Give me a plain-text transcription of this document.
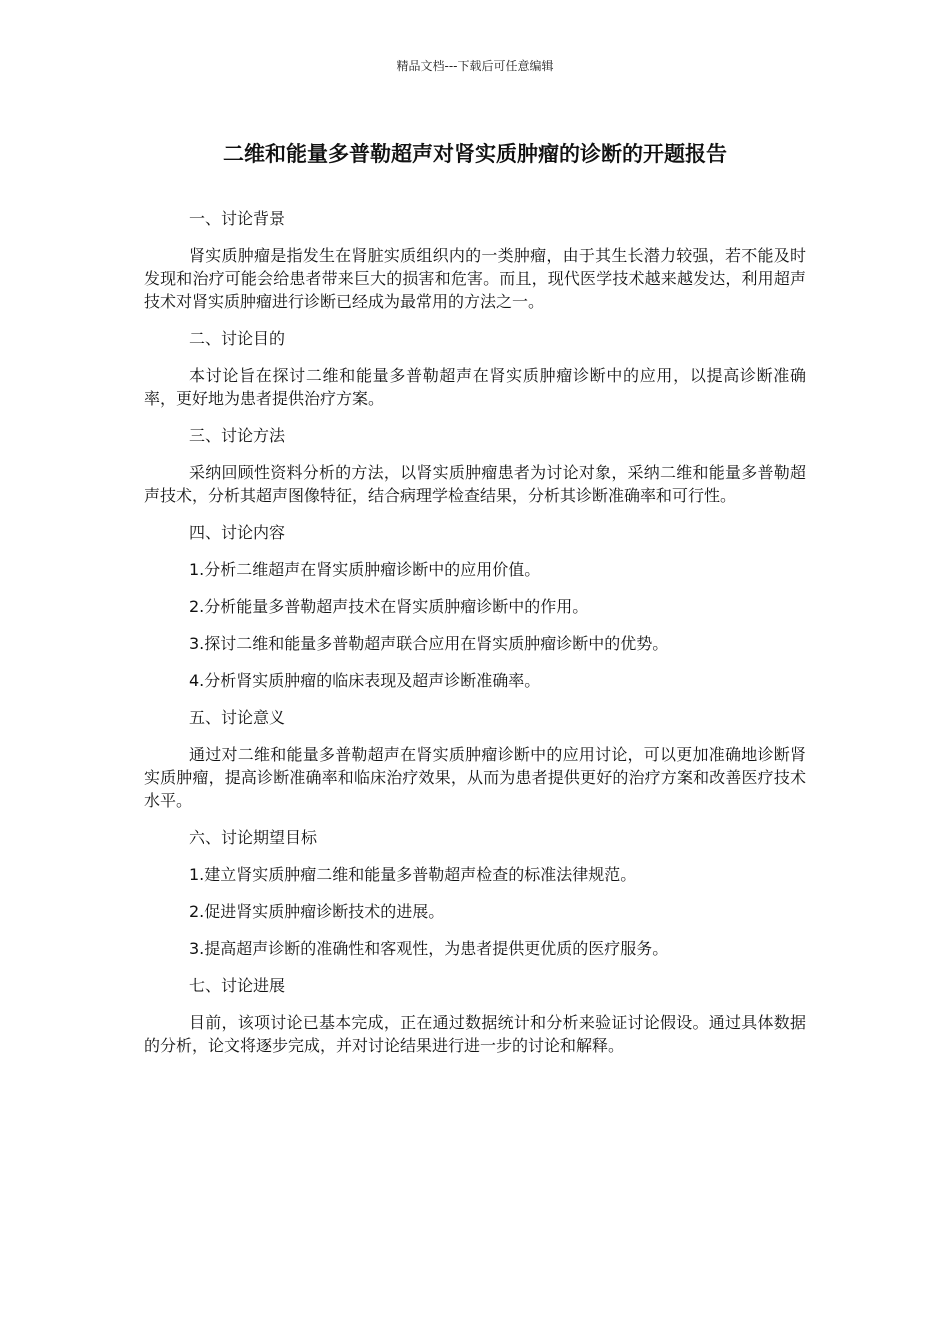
精品文档---下载后可任意编辑
二维和能量多普勒超声对肾实质肿瘤的诊断的开题报告

一、讨论背景

肾实质肿瘤是指发生在肾脏实质组织内的一类肿瘤，由于其生长潜力较强，若不能及时发现和治疗可能会给患者带来巨大的损害和危害。而且，现代医学技术越来越发达，利用超声技术对肾实质肿瘤进行诊断已经成为最常用的方法之一。

二、讨论目的

本讨论旨在探讨二维和能量多普勒超声在肾实质肿瘤诊断中的应用，以提高诊断准确率，更好地为患者提供治疗方案。

三、讨论方法

采纳回顾性资料分析的方法，以肾实质肿瘤患者为讨论对象，采纳二维和能量多普勒超声技术，分析其超声图像特征，结合病理学检查结果，分析其诊断准确率和可行性。

四、讨论内容

1.分析二维超声在肾实质肿瘤诊断中的应用价值。

2.分析能量多普勒超声技术在肾实质肿瘤诊断中的作用。

3.探讨二维和能量多普勒超声联合应用在肾实质肿瘤诊断中的优势。

4.分析肾实质肿瘤的临床表现及超声诊断准确率。

五、讨论意义

通过对二维和能量多普勒超声在肾实质肿瘤诊断中的应用讨论，可以更加准确地诊断肾实质肿瘤，提高诊断准确率和临床治疗效果，从而为患者提供更好的治疗方案和改善医疗技术水平。

六、讨论期望目标

1.建立肾实质肿瘤二维和能量多普勒超声检查的标准法律规范。

2.促进肾实质肿瘤诊断技术的进展。

3.提高超声诊断的准确性和客观性，为患者提供更优质的医疗服务。

七、讨论进展

目前，该项讨论已基本完成，正在通过数据统计和分析来验证讨论假设。通过具体数据的分析，论文将逐步完成，并对讨论结果进行进一步的讨论和解释。
